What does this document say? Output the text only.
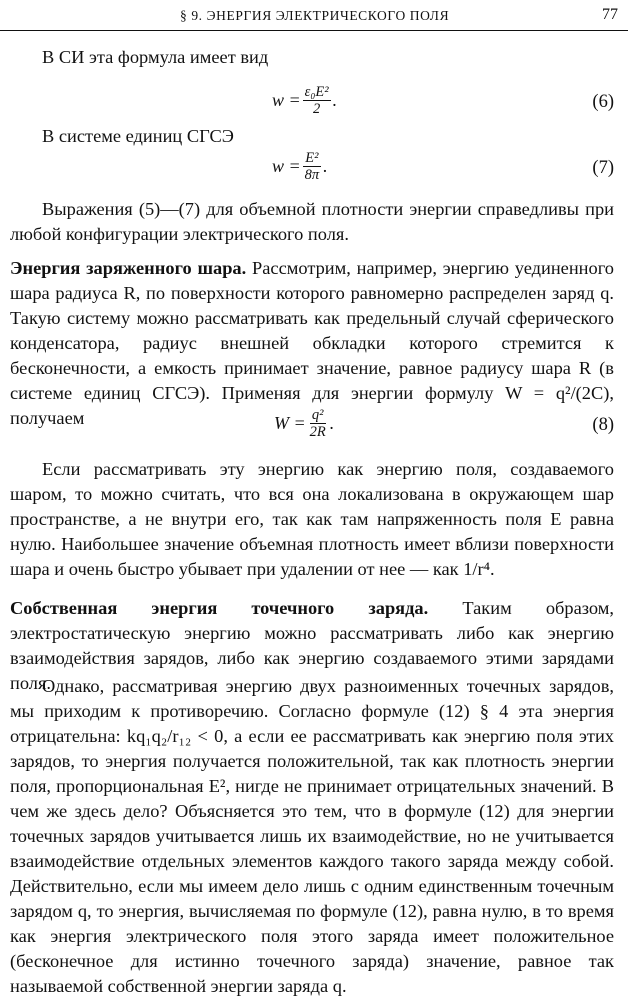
§ 9. ЭНЕРГИЯ ЭЛЕКТРИЧЕСКОГО ПОЛЯ	77
В СИ эта формула имеет вид
$w = \frac{\text{ε₀E²}}{2}$ .	(6)
В системе единиц СГСЭ
$w = \frac{\text{E²}}{8\pi}$ .	(7)
Выражения (5)—(7) для объемной плотности энергии справедливы при любой конфигурации электрического поля.
Энергия заряженного шара. Рассмотрим, например, энергию уединенного шара радиуса R, по поверхности которого равномерно распределен заряд q. Такую систему можно рассматривать как предельный случай сферического конденсатора, радиус внешней обкладки которого стремится к бесконечности, а емкость принимает значение, равное радиусу шара R (в системе единиц СГСЭ). Применяя для энергии формулу W = q²/(2C), получаем	$W = \frac{\text{q²}}{2R}$ .	(8)
Если рассматривать эту энергию как энергию поля, создаваемого шаром, то можно считать, что вся она локализована в окружающем шар пространстве, а не внутри его, так как там напряженность поля E равна нулю. Наибольшее значение объемная плотность имеет вблизи поверхности шара и очень быстро убывает при удалении от нее — как 1/r⁴.
Собственная энергия точечного заряда. Таким образом, электростатическую энергию можно рассматривать либо как энергию взаимодействия зарядов, либо как энергию создаваемого этими зарядами поля.
Однако, рассматривая энергию двух разноименных точечных зарядов, мы приходим к противоречию. Согласно формуле (12) § 4 эта энергия отрицательна: kq₁q₂/r₁₂ < 0, а если ее рассматривать как энергию поля этих зарядов, то энергия получается положительной, так как плотность энергии поля, пропорциональная E², нигде не принимает отрицательных значений. В чем же здесь дело? Объясняется это тем, что в формуле (12) для энергии точечных зарядов учитывается лишь их взаимодействие, но не учитывается взаимодействие отдельных элементов каждого такого заряда между собой. Действительно, если мы имеем дело лишь с одним единственным точечным зарядом q, то энергия, вычисляемая по формуле (12), равна нулю, в то время как энергия электрического поля этого заряда имеет положительное (бесконечное для истинно точечного заряда) значение, равное так называемой собственной энергии заряда q.
